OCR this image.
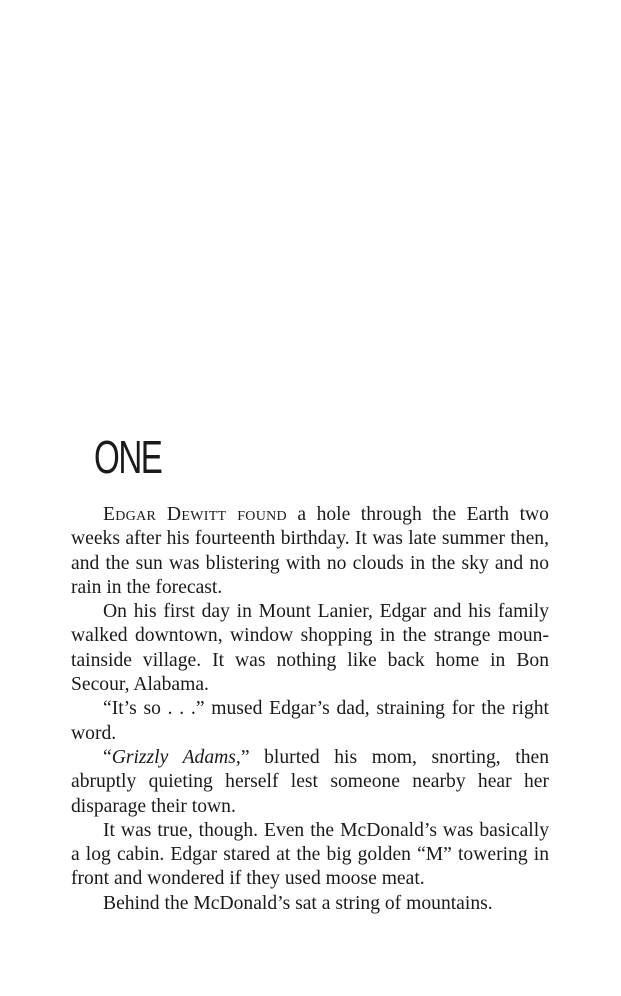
ONE

Edgar Dewitt found a hole through the Earth two weeks after his fourteenth birthday. It was late summer then, and the sun was blistering with no clouds in the sky and no rain in the forecast.

On his first day in Mount Lanier, Edgar and his family walked downtown, window shopping in the strange mountainside village. It was nothing like back home in Bon Secour, Alabama.

“It’s so . . .” mused Edgar’s dad, straining for the right word.

“Grizzly Adams,” blurted his mom, snorting, then abruptly quieting herself lest someone nearby hear her disparage their town.

It was true, though. Even the McDonald’s was basically a log cabin. Edgar stared at the big golden “M” towering in front and wondered if they used moose meat.

Behind the McDonald’s sat a string of mountains.
